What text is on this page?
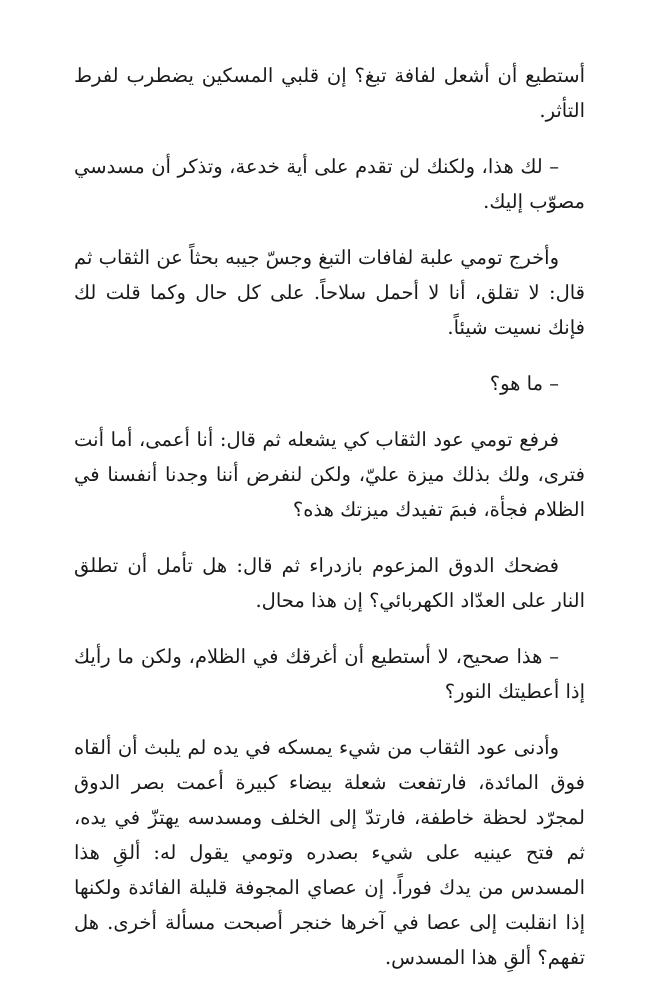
أستطيع أن أشعل لفافة تبغ؟ إن قلبي المسكين يضطرب لفرط التأثر.

– لك هذا، ولكنك لن تقدم على أية خدعة، وتذكر أن مسدسي مصوّب إليك.

وأخرج تومي علبة لفافات التبغ وجسّ جيبه بحثاً عن الثقاب ثم قال: لا تقلق، أنا لا أحمل سلاحاً. على كل حال وكما قلت لك فإنك نسيت شيئاً.

– ما هو؟

فرفع تومي عود الثقاب كي يشعله ثم قال: أنا أعمى، أما أنت فترى، ولك بذلك ميزة عليّ، ولكن لنفرض أننا وجدنا أنفسنا في الظلام فجأة، فبمَ تفيدك ميزتك هذه؟

فضحك الدوق المزعوم بازدراء ثم قال: هل تأمل أن تطلق النار على العدّاد الكهربائي؟ إن هذا محال.

– هذا صحيح، لا أستطيع أن أغرقك في الظلام، ولكن ما رأيك إذا أعطيتك النور؟

وأدنى عود الثقاب من شيء يمسكه في يده لم يلبث أن ألقاه فوق المائدة، فارتفعت شعلة بيضاء كبيرة أعمت بصر الدوق لمجرّد لحظة خاطفة، فارتدّ إلى الخلف ومسدسه يهتزّ في يده، ثم فتح عينيه على شيء بصدره وتومي يقول له: ألقِ هذا المسدس من يدك فوراً. إن عصاي المجوفة قليلة الفائدة ولكنها إذا انقلبت إلى عصا في آخرها خنجر أصبحت مسألة أخرى. هل تفهم؟ ألقِ هذا المسدس.
